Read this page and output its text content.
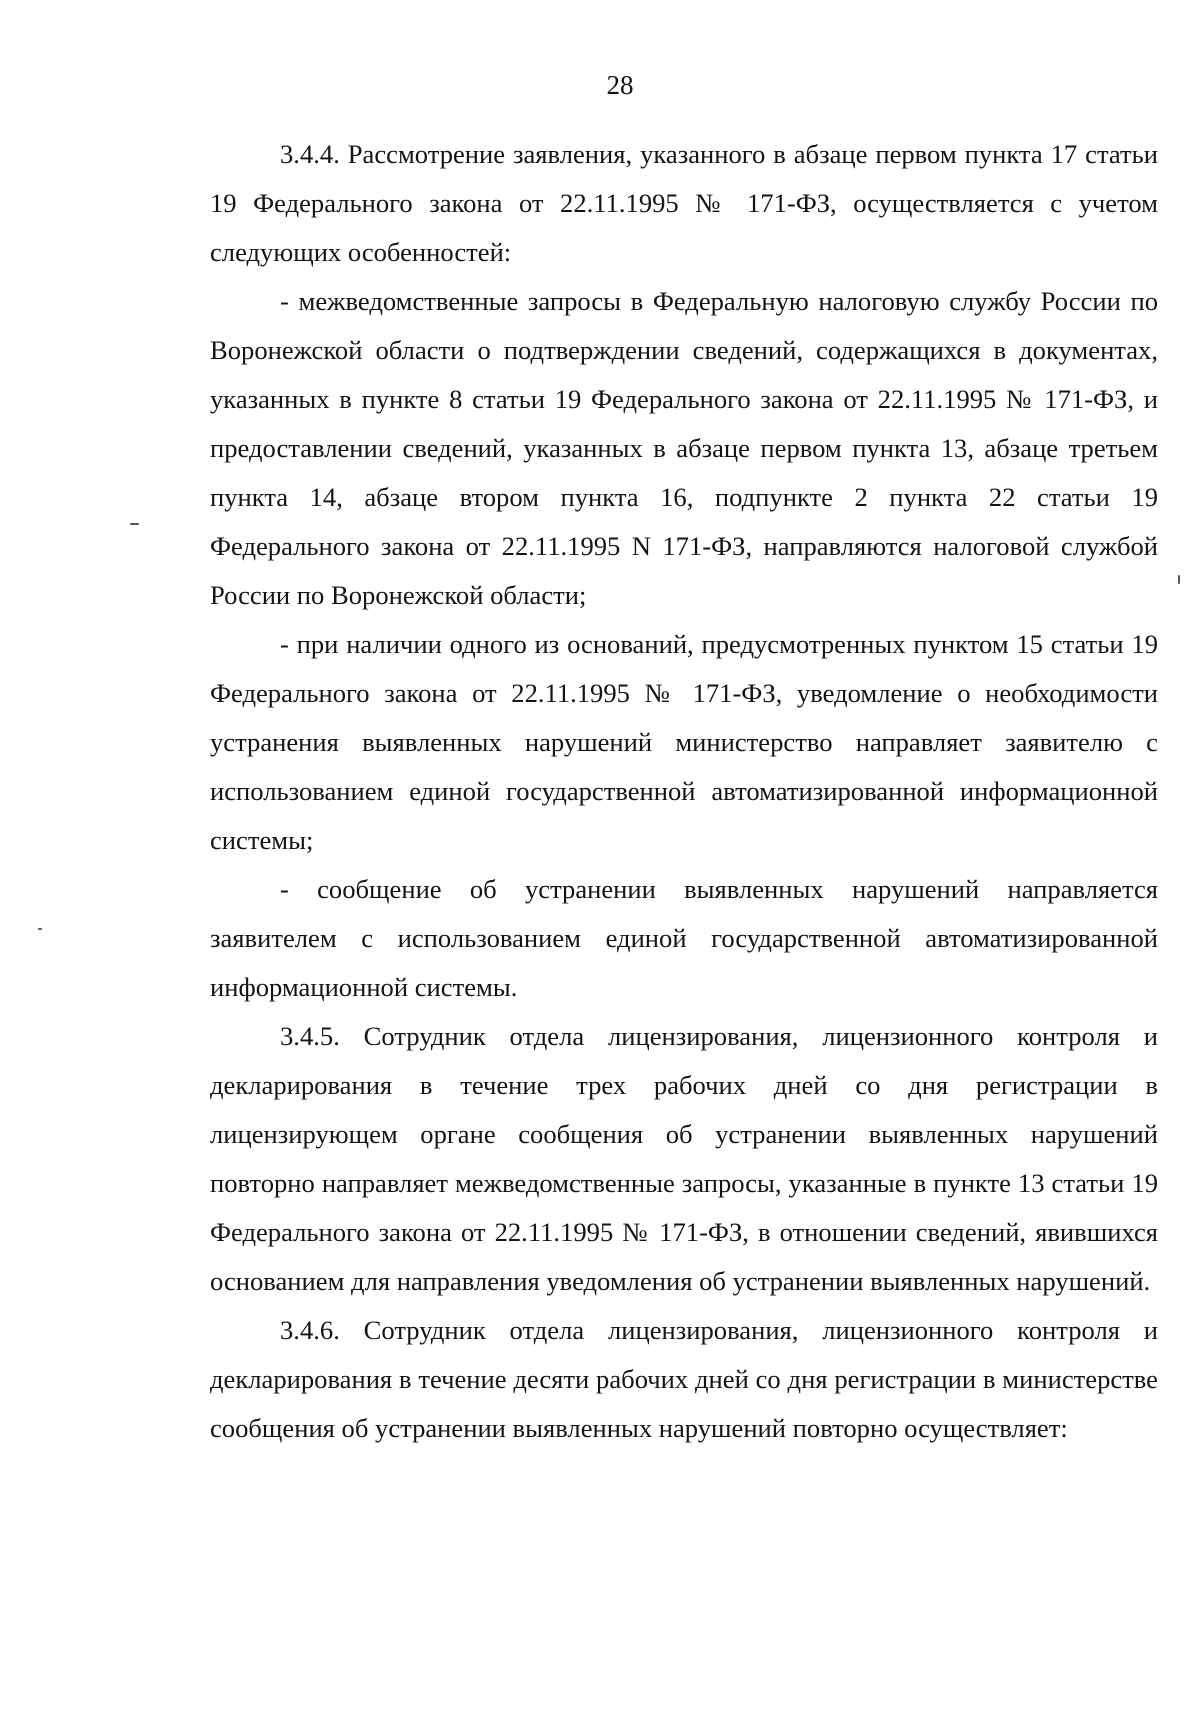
28

3.4.4. Рассмотрение заявления, указанного в абзаце первом пункта 17 статьи 19 Федерального закона от 22.11.1995 № 171-ФЗ, осуществляется с учетом следующих особенностей:

- межведомственные запросы в Федеральную налоговую службу России по Воронежской области о подтверждении сведений, содержащихся в документах, указанных в пункте 8 статьи 19 Федерального закона от 22.11.1995 № 171-ФЗ, и предоставлении сведений, указанных в абзаце первом пункта 13, абзаце третьем пункта 14, абзаце втором пункта 16, подпункте 2 пункта 22 статьи 19 Федерального закона от 22.11.1995 N 171-ФЗ, направляются налоговой службой России по Воронежской области;

- при наличии одного из оснований, предусмотренных пунктом 15 статьи 19 Федерального закона от 22.11.1995 № 171-ФЗ, уведомление о необходимости устранения выявленных нарушений министерство направляет заявителю с использованием единой государственной автоматизированной информационной системы;

- сообщение об устранении выявленных нарушений направляется заявителем с использованием единой государственной автоматизированной информационной системы.

3.4.5. Сотрудник отдела лицензирования, лицензионного контроля и декларирования в течение трех рабочих дней со дня регистрации в лицензирующем органе сообщения об устранении выявленных нарушений повторно направляет межведомственные запросы, указанные в пункте 13 статьи 19 Федерального закона от 22.11.1995 № 171-ФЗ, в отношении сведений, явившихся основанием для направления уведомления об устранении выявленных нарушений.

3.4.6. Сотрудник отдела лицензирования, лицензионного контроля и декларирования в течение десяти рабочих дней со дня регистрации в министерстве сообщения об устранении выявленных нарушений повторно осуществляет:
